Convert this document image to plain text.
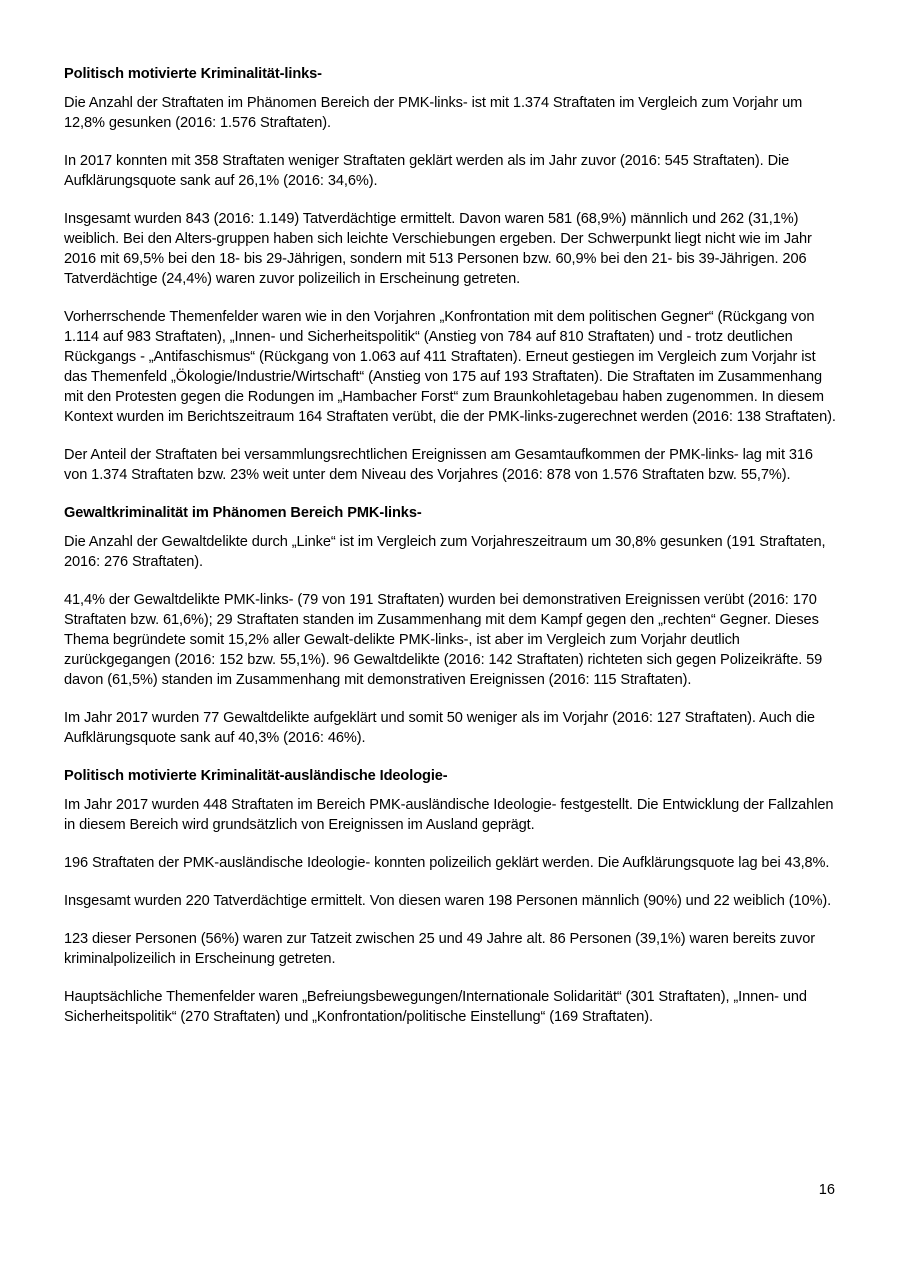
Politisch motivierte Kriminalität-links-
Die Anzahl der Straftaten im Phänomen Bereich der PMK-links- ist mit 1.374 Straftaten im Vergleich zum Vorjahr um 12,8% gesunken (2016: 1.576 Straftaten).
In 2017 konnten mit 358 Straftaten weniger Straftaten geklärt werden als im Jahr zuvor (2016: 545 Straftaten). Die Aufklärungsquote sank auf 26,1% (2016: 34,6%).
Insgesamt wurden 843 (2016: 1.149) Tatverdächtige ermittelt. Davon waren 581 (68,9%) männlich und 262 (31,1%) weiblich. Bei den Alters-gruppen haben sich leichte Verschiebungen ergeben. Der Schwerpunkt liegt nicht wie im Jahr 2016 mit 69,5% bei den 18- bis 29-Jährigen, sondern mit 513 Personen bzw. 60,9% bei den 21- bis 39-Jährigen. 206 Tatverdächtige (24,4%) waren zuvor polizeilich in Erscheinung getreten.
Vorherrschende Themenfelder waren wie in den Vorjahren „Konfrontation mit dem politischen Gegner“ (Rückgang von 1.114 auf 983 Straftaten), „Innen- und Sicherheitspolitik“ (Anstieg von 784 auf 810 Straftaten) und - trotz deutlichen Rückgangs - „Antifaschismus“ (Rückgang von 1.063 auf 411 Straftaten). Erneut gestiegen im Vergleich zum Vorjahr ist das Themenfeld „Ökologie/Industrie/Wirtschaft“ (Anstieg von 175 auf 193 Straftaten). Die Straftaten im Zusammenhang mit den Protesten gegen die Rodungen im „Hambacher Forst“ zum Braunkohletagebau haben zugenommen. In diesem Kontext wurden im Berichtszeitraum 164 Straftaten verübt, die der PMK-links-zugerechnet werden (2016: 138 Straftaten).
Der Anteil der Straftaten bei versammlungsrechtlichen Ereignissen am Gesamtaufkommen der PMK-links- lag mit 316 von 1.374 Straftaten bzw. 23% weit unter dem Niveau des Vorjahres (2016: 878 von 1.576 Straftaten bzw. 55,7%).
Gewaltkriminalität im Phänomen Bereich PMK-links-
Die Anzahl der Gewaltdelikte durch „Linke“ ist im Vergleich zum Vorjahreszeitraum um 30,8% gesunken (191 Straftaten, 2016: 276 Straftaten).
41,4% der Gewaltdelikte PMK-links- (79 von 191 Straftaten) wurden bei demonstrativen Ereignissen verübt (2016: 170 Straftaten bzw. 61,6%); 29 Straftaten standen im Zusammenhang mit dem Kampf gegen den „rechten“ Gegner. Dieses Thema begründete somit 15,2% aller Gewalt-delikte PMK-links-, ist aber im Vergleich zum Vorjahr deutlich zurückgegangen (2016: 152 bzw. 55,1%). 96 Gewaltdelikte (2016: 142 Straftaten) richteten sich gegen Polizeikräfte. 59 davon (61,5%) standen im Zusammenhang mit demonstrativen Ereignissen (2016: 115 Straftaten).
Im Jahr 2017 wurden 77 Gewaltdelikte aufgeklärt und somit 50 weniger als im Vorjahr (2016: 127 Straftaten). Auch die Aufklärungsquote sank auf 40,3% (2016: 46%).
Politisch motivierte Kriminalität-ausländische Ideologie-
Im Jahr 2017 wurden 448 Straftaten im Bereich PMK-ausländische Ideologie- festgestellt. Die Entwicklung der Fallzahlen in diesem Bereich wird grundsätzlich von Ereignissen im Ausland geprägt.
196 Straftaten der PMK-ausländische Ideologie- konnten polizeilich geklärt werden. Die Aufklärungsquote lag bei 43,8%.
Insgesamt wurden 220 Tatverdächtige ermittelt. Von diesen waren 198 Personen männlich (90%) und 22 weiblich (10%).
123 dieser Personen (56%) waren zur Tatzeit zwischen 25 und 49 Jahre alt. 86 Personen (39,1%) waren bereits zuvor kriminalpolizeilich in Erscheinung getreten.
Hauptsächliche Themenfelder waren „Befreiungsbewegungen/Internationale Solidarität“ (301 Straftaten), „Innen- und Sicherheitspolitik“ (270 Straftaten) und „Konfrontation/politische Einstellung“ (169 Straftaten).
16
